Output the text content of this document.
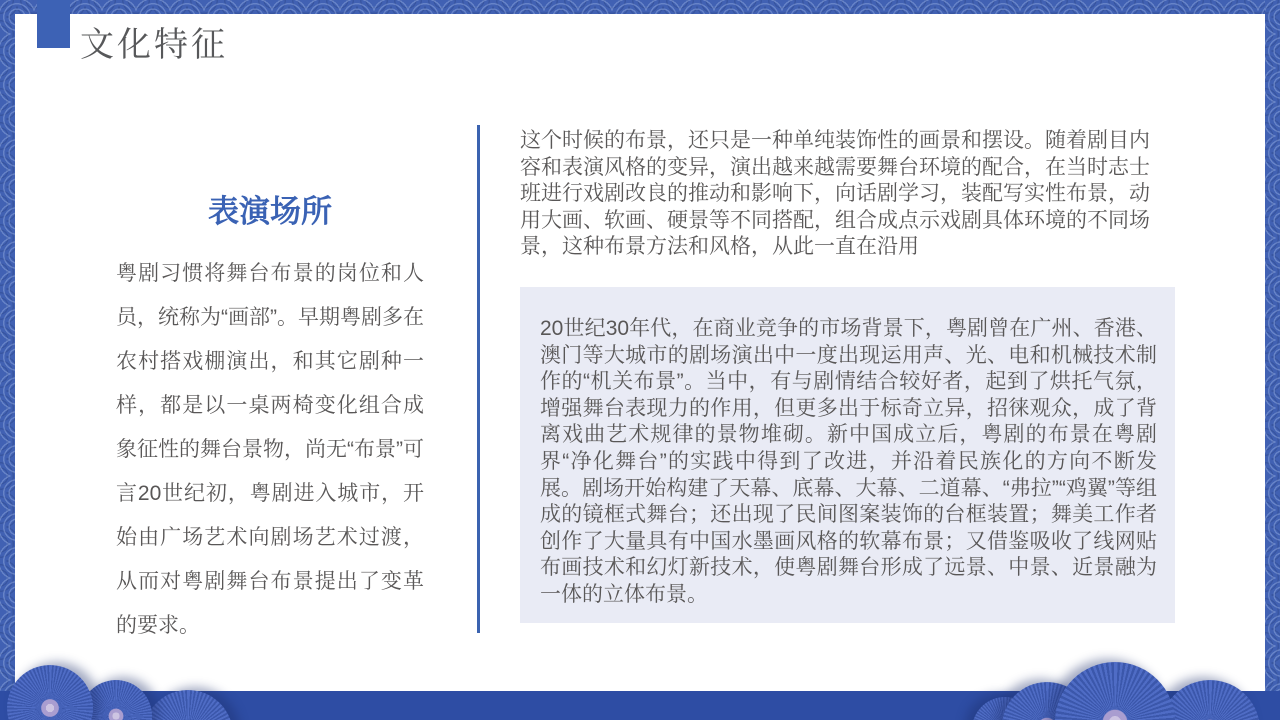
文化特征
表演场所

粤剧习惯将舞台布景的岗位和人员，统称为“画部”。早期粤剧多在农村搭戏棚演出，和其它剧种一样，都是以一桌两椅变化组合成象征性的舞台景物，尚无“布景”可言20世纪初，粤剧进入城市，开始由广场艺术向剧场艺术过渡，从而对粤剧舞台布景提出了变革的要求。

这个时候的布景，还只是一种单纯装饰性的画景和摆设。随着剧目内容和表演风格的变异，演出越来越需要舞台环境的配合，在当时志士班进行戏剧改良的推动和影响下，向话剧学习，装配写实性布景，动用大画、软画、硬景等不同搭配，组合成点示戏剧具体环境的不同场景，这种布景方法和风格，从此一直在沿用

20世纪30年代，在商业竞争的市场背景下，粤剧曾在广州、香港、澳门等大城市的剧场演出中一度出现运用声、光、电和机械技术制作的“机关布景”。当中，有与剧情结合较好者，起到了烘托气氛，增强舞台表现力的作用，但更多出于标奇立异，招徕观众，成了背离戏曲艺术规律的景物堆砌。新中国成立后，粤剧的布景在粤剧界“净化舞台”的实践中得到了改进，并沿着民族化的方向不断发展。剧场开始构建了天幕、底幕、大幕、二道幕、“弗拉”“鸡翼”等组成的镜框式舞台；还出现了民间图案装饰的台框装置；舞美工作者创作了大量具有中国水墨画风格的软幕布景；又借鉴吸收了线网贴布画技术和幻灯新技术，使粤剧舞台形成了远景、中景、近景融为一体的立体布景。
